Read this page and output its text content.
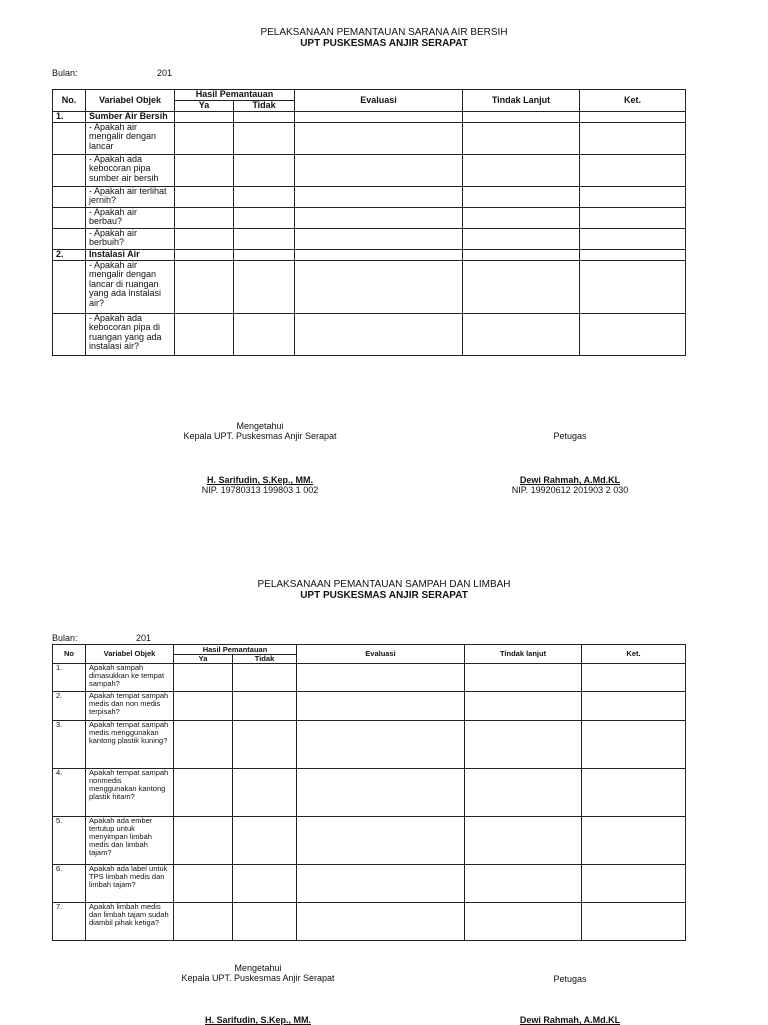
PELAKSANAAN PEMANTAUAN SARANA AIR BERSIH
UPT PUSKESMAS ANJIR SERAPAT
Bulan:	201
No.	Variabel Objek	Hasil Pemantauan		Evaluasi	Tindak Lanjut	Ket.
		Ya	Tidak			
1.	Sumber Air Bersih					
	- Apakah air mengalir dengan lancar					
	- Apakah ada kebocoran pipa sumber air bersih					
	- Apakah air terlihat jernih?					
	- Apakah air berbau?					
	- Apakah air berbuih?					
2.	Instalasi Air					
	- Apakah air mengalir dengan lancar di ruangan yang ada instalasi air?					
	- Apakah ada kebocoran pipa di ruangan yang ada instalasi air?					
Mengetahui
Kepala UPT. Puskesmas Anjir Serapat	Petugas
H. Sarifudin, S.Kep., MM.
NIP. 19780313 199803 1 002
Dewi Rahmah, A.Md.KL
NIP. 19920612 201903 2 030
PELAKSANAAN PEMANTAUAN SAMPAH DAN LIMBAH
UPT PUSKESMAS ANJIR SERAPAT
Bulan:	201
No	Variabel Objek	Hasil Pemantauan		Evaluasi	Tindak lanjut	Ket.
		Ya	Tidak			
1.	Apakah sampah dimasukkan ke tempat sampah?					
2.	Apakah tempat sampah medis dan non medis terpisah?					
3.	Apakah tempat sampah medis menggunakan kantong plastik kuning?					
4.	Apakah tempat sampah nonmedis menggunakan kantong plastik hitam?					
5.	Apakah ada ember tertutup untuk menyimpan limbah medis dan limbah tajam?					
6.	Apakah ada label untuk TPS limbah medis dan limbah tajam?					
7.	Apakah limbah medis dan limbah tajam sudah diambil pihak ketiga?					
Mengetahui
Kepala UPT. Puskesmas Anjir Serapat	Petugas
H. Sarifudin, S.Kep., MM.	Dewi Rahmah, A.Md.KL
